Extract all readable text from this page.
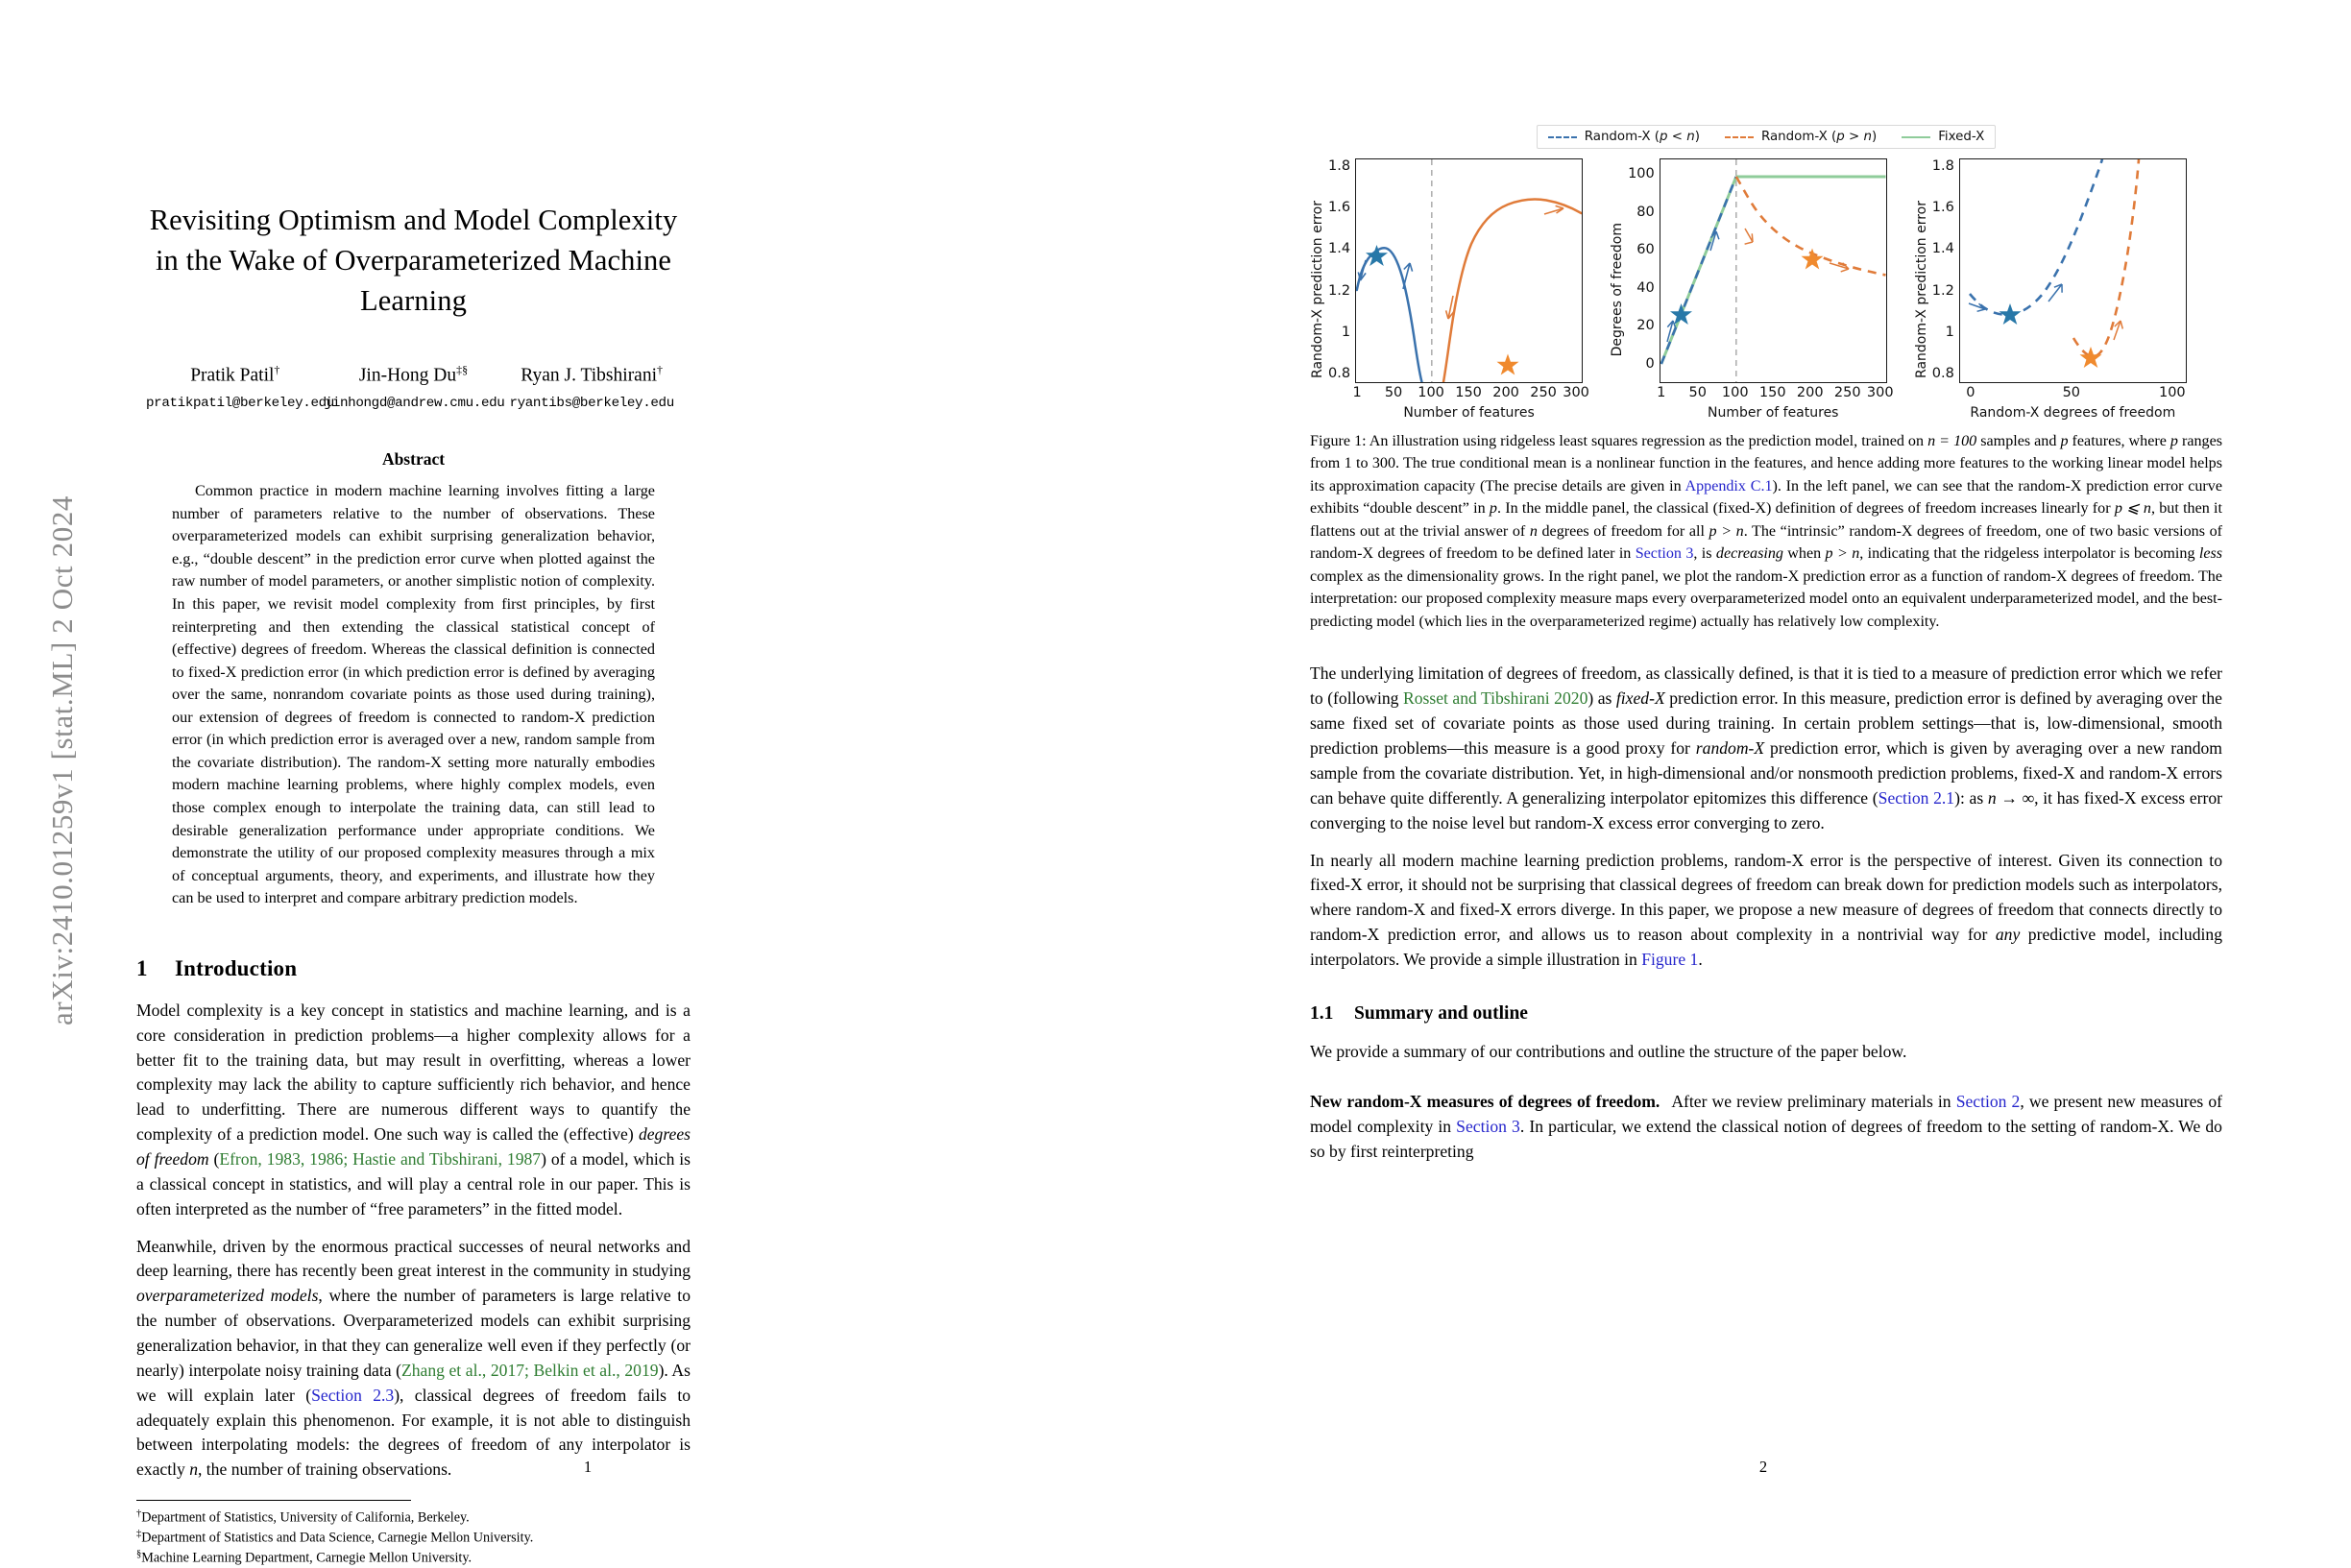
arXiv:2410.01259v1 [stat.ML] 2 Oct 2024
Revisiting Optimism and Model Complexity in the Wake of Overparameterized Machine Learning
Pratik Patil†
pratikpatil@berkeley.edu
Jin-Hong Du‡§
jinhongd@andrew.cmu.edu
Ryan J. Tibshirani†
ryantibs@berkeley.edu
Abstract
Common practice in modern machine learning involves fitting a large number of parameters relative to the number of observations. These overparameterized models can exhibit surprising generalization behavior, e.g., “double descent” in the prediction error curve when plotted against the raw number of model parameters, or another simplistic notion of complexity. In this paper, we revisit model complexity from first principles, by first reinterpreting and then extending the classical statistical concept of (effective) degrees of freedom. Whereas the classical definition is connected to fixed-X prediction error (in which prediction error is defined by averaging over the same, nonrandom covariate points as those used during training), our extension of degrees of freedom is connected to random-X prediction error (in which prediction error is averaged over a new, random sample from the covariate distribution). The random-X setting more naturally embodies modern machine learning problems, where highly complex models, even those complex enough to interpolate the training data, can still lead to desirable generalization performance under appropriate conditions. We demonstrate the utility of our proposed complexity measures through a mix of conceptual arguments, theory, and experiments, and illustrate how they can be used to interpret and compare arbitrary prediction models.
1 Introduction

Model complexity is a key concept in statistics and machine learning, and is a core consideration in prediction problems—a higher complexity allows for a better fit to the training data, but may result in overfitting, whereas a lower complexity may lack the ability to capture sufficiently rich behavior, and hence lead to underfitting. There are numerous different ways to quantify the complexity of a prediction model. One such way is called the (effective) degrees of freedom (Efron, 1983, 1986; Hastie and Tibshirani, 1987) of a model, which is a classical concept in statistics, and will play a central role in our paper. This is often interpreted as the number of “free parameters” in the fitted model.

Meanwhile, driven by the enormous practical successes of neural networks and deep learning, there has recently been great interest in the community in studying overparameterized models, where the number of parameters is large relative to the number of observations. Overparameterized models can exhibit surprising generalization behavior, in that they can generalize well even if they perfectly (or nearly) interpolate noisy training data (Zhang et al., 2017; Belkin et al., 2019). As we will explain later (Section 2.3), classical degrees of freedom fails to adequately explain this phenomenon. For example, it is not able to distinguish between interpolating models: the degrees of freedom of any interpolator is exactly n, the number of training observations.

†Department of Statistics, University of California, Berkeley.
‡Department of Statistics and Data Science, Carnegie Mellon University.
§Machine Learning Department, Carnegie Mellon University.
1
Random-X (p < n)	Random-X (p > n)	Fixed-X
Random-X prediction error
1.8
1.6
1.4
1.2
1
0.8
1 50 100 150 200 250 300
Number of features
Degrees of freedom
100
80
60
40
20
0
1 50 100 150 200 250 300
Number of features
Random-X prediction error
1.8
1.6
1.4
1.2
1
0.8
0	50	100
Random-X degrees of freedom

Figure 1: An illustration using ridgeless least squares regression as the prediction model, trained on n = 100 samples and p features, where p ranges from 1 to 300. The true conditional mean is a nonlinear function in the features, and hence adding more features to the working linear model helps its approximation capacity (The precise details are given in Appendix C.1). In the left panel, we can see that the random-X prediction error curve exhibits “double descent” in p. In the middle panel, the classical (fixed-X) definition of degrees of freedom increases linearly for p ⩽ n, but then it flattens out at the trivial answer of n degrees of freedom for all p > n. The “intrinsic” random-X degrees of freedom, one of two basic versions of random-X degrees of freedom to be defined later in Section 3, is decreasing when p > n, indicating that the ridgeless interpolator is becoming less complex as the dimensionality grows. In the right panel, we plot the random-X prediction error as a function of random-X degrees of freedom. The interpretation: our proposed complexity measure maps every overparameterized model onto an equivalent underparameterized model, and the best-predicting model (which lies in the overparameterized regime) actually has relatively low complexity.

The underlying limitation of degrees of freedom, as classically defined, is that it is tied to a measure of prediction error which we refer to (following Rosset and Tibshirani 2020) as fixed-X prediction error. In this measure, prediction error is defined by averaging over the same fixed set of covariate points as those used during training. In certain problem settings—that is, low-dimensional, smooth prediction problems—this measure is a good proxy for random-X prediction error, which is given by averaging over a new random sample from the covariate distribution. Yet, in high-dimensional and/or nonsmooth prediction problems, fixed-X and random-X errors can behave quite differently. A generalizing interpolator epitomizes this difference (Section 2.1): as n → ∞, it has fixed-X excess error converging to the noise level but random-X excess error converging to zero.

In nearly all modern machine learning prediction problems, random-X error is the perspective of interest. Given its connection to fixed-X error, it should not be surprising that classical degrees of freedom can break down for prediction models such as interpolators, where random-X and fixed-X errors diverge. In this paper, we propose a new measure of degrees of freedom that connects directly to random-X prediction error, and allows us to reason about complexity in a nontrivial way for any predictive model, including interpolators. We provide a simple illustration in Figure 1.

1.1 Summary and outline

We provide a summary of our contributions and outline the structure of the paper below.

New random-X measures of degrees of freedom. After we review preliminary materials in Section 2, we present new measures of model complexity in Section 3. In particular, we extend the classical notion of degrees of freedom to the setting of random-X. We do so by first reinterpreting

2
